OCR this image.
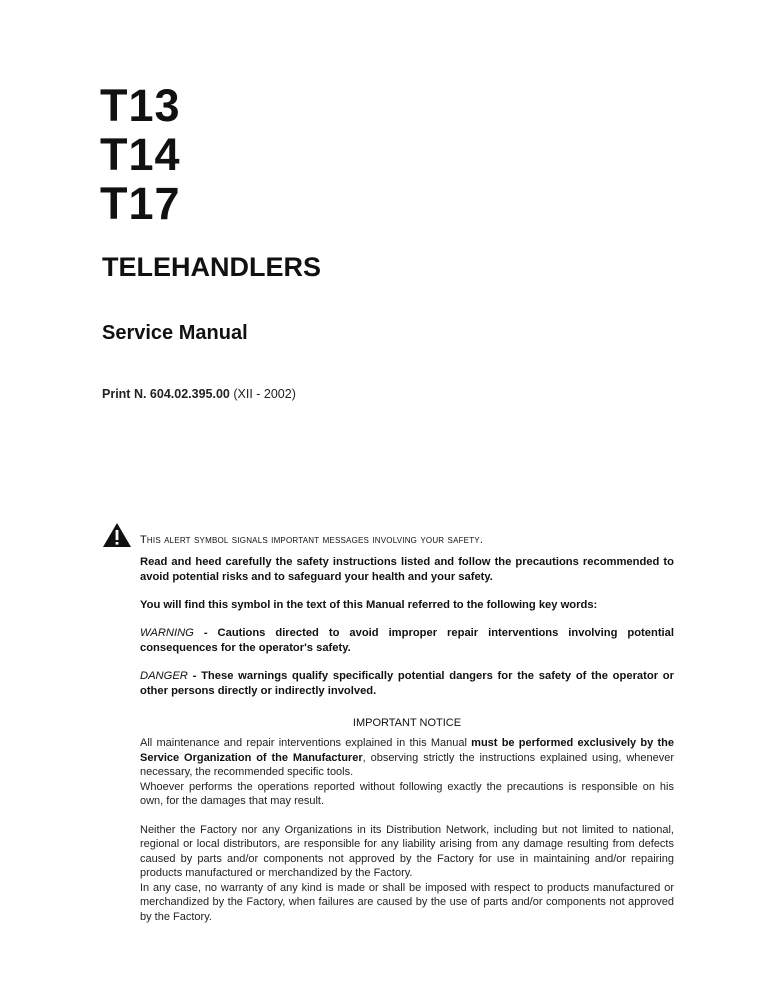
T13
T14
T17
TELEHANDLERS
Service Manual
Print N. 604.02.395.00 (XII - 2002)
This alert symbol signals important messages involving your safety.

Read and heed carefully the safety instructions listed and follow the precautions recommended to avoid potential risks and to safeguard your health and your safety.

You will find this symbol in the text of this Manual referred to the following key words:

WARNING - Cautions directed to avoid improper repair interventions involving potential consequences for the operator's safety.

DANGER - These warnings qualify specifically potential dangers for the safety of the operator or other persons directly or indirectly involved.

IMPORTANT NOTICE

All maintenance and repair interventions explained in this Manual must be performed exclusively by the Service Organization of the Manufacturer, observing strictly the instructions explained using, whenever necessary, the recommended specific tools.

Whoever performs the operations reported without following exactly the precautions is responsible on his own, for the damages that may result.

Neither the Factory nor any Organizations in its Distribution Network, including but not limited to national, regional or local distributors, are responsible for any liability arising from any damage resulting from defects caused by parts and/or components not approved by the Factory for use in maintaining and/or repairing products manufactured or merchandized by the Factory.

In any case, no warranty of any kind is made or shall be imposed with respect to products manufactured or merchandized by the Factory, when failures are caused by the use of parts and/or components not approved by the Factory.
